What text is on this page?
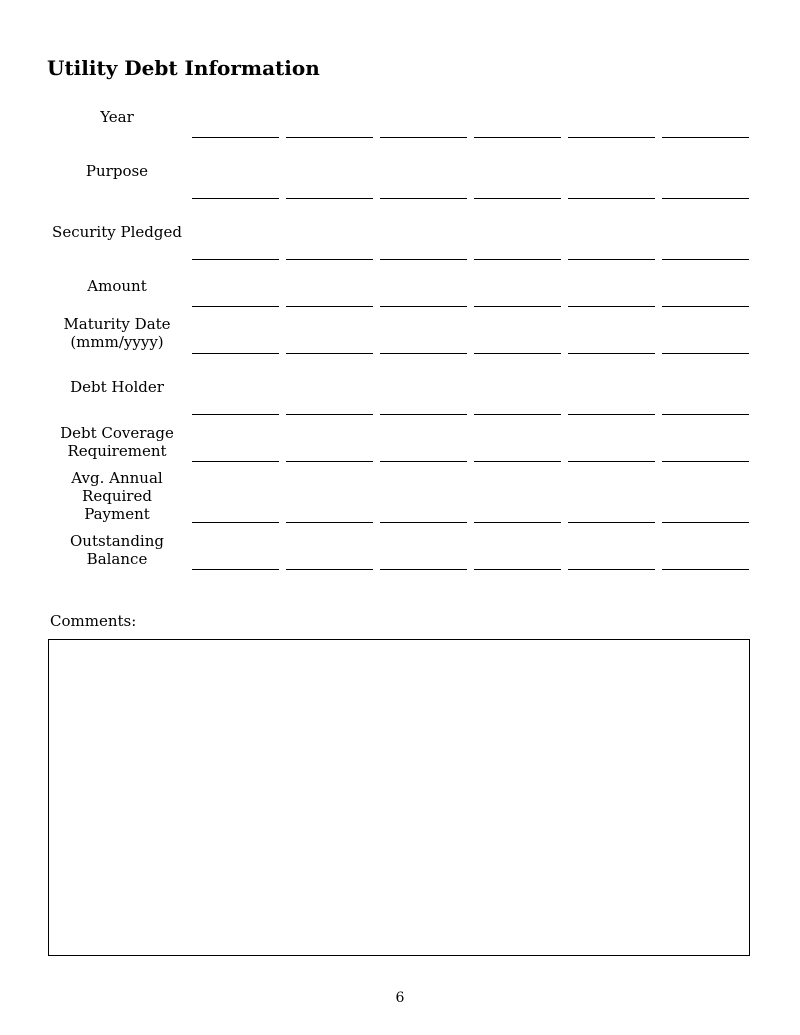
Utility Debt Information
Year
Purpose
Security Pledged
Amount
Maturity Date
(mmm/yyyy)
Debt Holder
Debt Coverage
Requirement
Avg. Annual
Required
Payment
Outstanding
Balance
Comments:
6
